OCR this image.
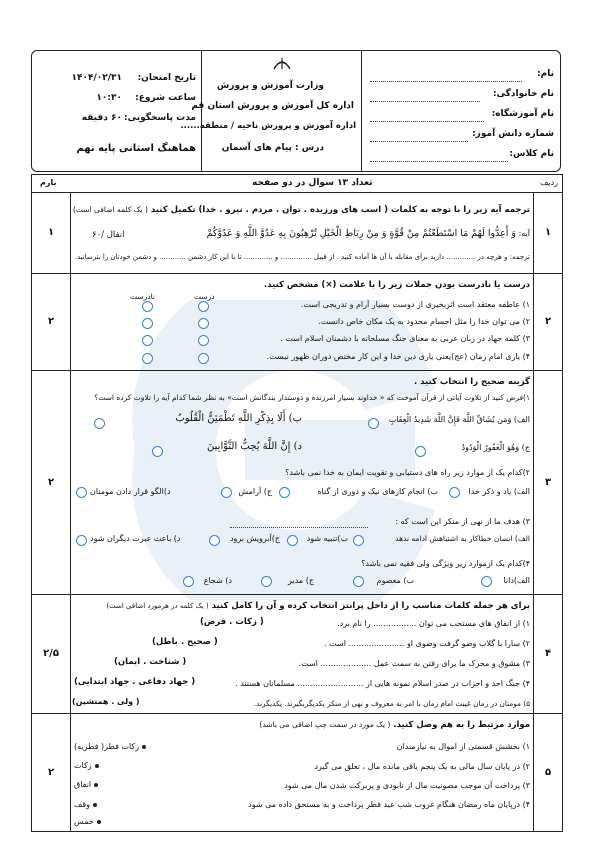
نام:
نام خانوادگی:
نام آموزشگاه:
شماره دانش آموز:
نام کلاس:
وزارت آموزش و پرورش
اداره کل آموزش و پرورش استان قم
اداره آموزش و پرورش ناحیه / منطقه......
درس : پیام های آسمان
تاریخ امتحان:
۱۴۰۴/۰۲/۳۱
ساعت شروع:
۱۰:۳۰
مدت پاسخگویی:
۶۰ دقیقه
هماهنگ استانی پایه نهم
ردیف
تعداد ۱۳ سوال در دو صفحه
بارم
۱
۱
ترجمه آیه زیر را با توجه به کلمات ( اسب های ورزیده . توان . مردم . نیرو . خدا) تکمیل کنید ( یک کلمه اضافی است)
آیه: وَ أَعِدُّوا لَهُمْ مَا اسْتَطَعْتُمْ مِنْ قُوَّةٍ وَ مِنْ رِبَاطِ الْخَيْلِ تُرْهِبُونَ بِهِ عَدُوَّ اللَّهِ وَ عَدُوَّكُمْ
انفال /۶۰
ترجمه: و هرچه در ............. دارید برای مقابله با آن ها آماده کنید . از قبیل .............. و ............. تا با این کار دشمن ............ و دشمن خودتان را بترسانید.
۲
۲
درست یا نادرست بودن جملات زیر را با علامت (×) مشخص کنید.
درست
نادرست
۱) عاطفه معتقد است اثربخیری از دوست بسیار آرام و تدریجی است.
۲) می توان خدا را مثل اجسام محدود به یک مکان خاص دانست.
۳) کلمه جهاد در زبان عربی به معنای جنگ مسلحانه با دشمنان اسلام است .
۴) یاری امام زمان (عج)یعنی یاری دین خدا و این کار مختص دوران ظهور نیست.
۳
۲
گزینه صحیح را انتخاب کنید .
۱)فرض کنید از تلاوت آیاتی از قرآن آموخت که « خداوند بسیار امرزنده و دوستدار بندگانش است» به نظر شما کدام آیه را تلاوت کرده است؟
الف) وَمَن يُشَاقِّ اللَّهَ فَإِنَّ اللَّهَ شَدِيدُ الْعِقَابِ
ب) أَلَا بِذِكْرِ اللَّهِ تَطْمَئِنُّ الْقُلُوبُ
ج) وَهُوَ الْغَفُورُ الْوَدُودُ
د) إِنَّ اللَّهَ يُحِبُّ التَّوَّابِينَ
۲)کدام یک از موارد زیر راه های دستیابی و تقویت ایمان به خدا نمی باشد؟
الف) یاد و ذکر خدا
ب) انجام کارهای نیک و دوری از گناه
ج) آرامش
د)الگو قرار دادن مومنان
۳) هدف ما از نهی از منکر این است که :
الف) انسان خطاکار به اشتباهش ادامه ندهد
ب)تنبیه شود
ج)آبرویش برود
د) باعث عبرت دیگران شود
۴)کدام یک ازموارد زیر ویژگی ولی فقیه نمی باشد؟
الف)دانا
ب) معصوم
ج) مدیر
د) شجاع
۴
۲/۵
برای هر جمله کلمات مناسب را از داخل پرانتز انتخاب کرده و آن را کامل کنید ( یک کلمه در هرمورد اضافی است)
۱) از انفاق های مستحب می توان ................. را نام برد.
( زکات . قرض)
۲) سارا با گلاب وضو گرفت وضوی او ...................... است .
( صحیح . باطل)
۳) مشوق و محرک ما برای رفتن به سمت عمل .................... است.
( شناخت . ایمان)
۴) جنگ احد و احزاب در صدر اسلام نمونه هایی از .......................... مسلمانان هستند .
( جهاد دفاعی . جهاد ابتدایی)
۵) مومنان در زمان غیبت امام زمان با امر به معروف و نهی از منکر یکدیگربگیرند. یکدیگرند.
( ولی . همنشین)
۵
۲
موارد مرتبط را به هم وصل کنید. ( یک مورد در سمت چپ اضافی می باشد)
۱) بخشش قسمتی از اموال به نیازمندان
۲) در پایان سال مالی به یک پنجم باقی مانده مال ، تعلق می گیرد
۳) پرداخت آن موجب مصونیت مال از نابودی و پربرکت شدن مال می شود
۴) درپایان ماه رمضان هنگام غروب شب عید فطر پرداخت و به مستحق داده می شود
زکات فطر( فطریه)
زکات
انفاق
وقف
خمس
